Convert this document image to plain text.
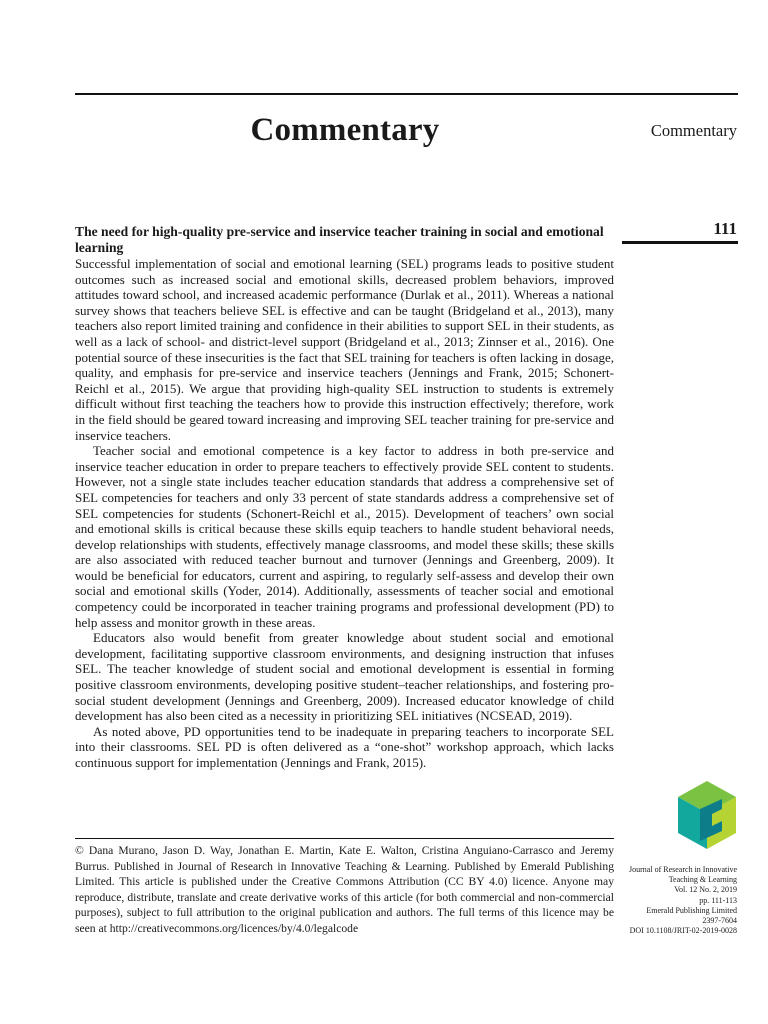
Commentary	Commentary
111

The need for high-quality pre-service and inservice teacher training in social and emotional learning

Successful implementation of social and emotional learning (SEL) programs leads to positive student outcomes such as increased social and emotional skills, decreased problem behaviors, improved attitudes toward school, and increased academic performance (Durlak et al., 2011). Whereas a national survey shows that teachers believe SEL is effective and can be taught (Bridgeland et al., 2013), many teachers also report limited training and confidence in their abilities to support SEL in their students, as well as a lack of school- and district-level support (Bridgeland et al., 2013; Zinnser et al., 2016). One potential source of these insecurities is the fact that SEL training for teachers is often lacking in dosage, quality, and emphasis for pre-service and inservice teachers (Jennings and Frank, 2015; Schonert-Reichl et al., 2015). We argue that providing high-quality SEL instruction to students is extremely difficult without first teaching the teachers how to provide this instruction effectively; therefore, work in the field should be geared toward increasing and improving SEL teacher training for pre-service and inservice teachers.

Teacher social and emotional competence is a key factor to address in both pre-service and inservice teacher education in order to prepare teachers to effectively provide SEL content to students. However, not a single state includes teacher education standards that address a comprehensive set of SEL competencies for teachers and only 33 percent of state standards address a comprehensive set of SEL competencies for students (Schonert-Reichl et al., 2015). Development of teachers’ own social and emotional skills is critical because these skills equip teachers to handle student behavioral needs, develop relationships with students, effectively manage classrooms, and model these skills; these skills are also associated with reduced teacher burnout and turnover (Jennings and Greenberg, 2009). It would be beneficial for educators, current and aspiring, to regularly self-assess and develop their own social and emotional skills (Yoder, 2014). Additionally, assessments of teacher social and emotional competency could be incorporated in teacher training programs and professional development (PD) to help assess and monitor growth in these areas.

Educators also would benefit from greater knowledge about student social and emotional development, facilitating supportive classroom environments, and designing instruction that infuses SEL. The teacher knowledge of student social and emotional development is essential in forming positive classroom environments, developing positive student–teacher relationships, and fostering pro-social student development (Jennings and Greenberg, 2009). Increased educator knowledge of child development has also been cited as a necessity in prioritizing SEL initiatives (NCSEAD, 2019).

As noted above, PD opportunities tend to be inadequate in preparing teachers to incorporate SEL into their classrooms. SEL PD is often delivered as a “one-shot” workshop approach, which lacks continuous support for implementation (Jennings and Frank, 2015).

© Dana Murano, Jason D. Way, Jonathan E. Martin, Kate E. Walton, Cristina Anguiano-Carrasco and Jeremy Burrus. Published in Journal of Research in Innovative Teaching & Learning. Published by Emerald Publishing Limited. This article is published under the Creative Commons Attribution (CC BY 4.0) licence. Anyone may reproduce, distribute, translate and create derivative works of this article (for both commercial and non-commercial purposes), subject to full attribution to the original publication and authors. The full terms of this licence may be seen at http://creativecommons.org/licences/by/4.0/legalcode

Journal of Research in Innovative Teaching & Learning
Vol. 12 No. 2, 2019
pp. 111-113
Emerald Publishing Limited
2397-7604
DOI 10.1108/JRIT-02-2019-0028
